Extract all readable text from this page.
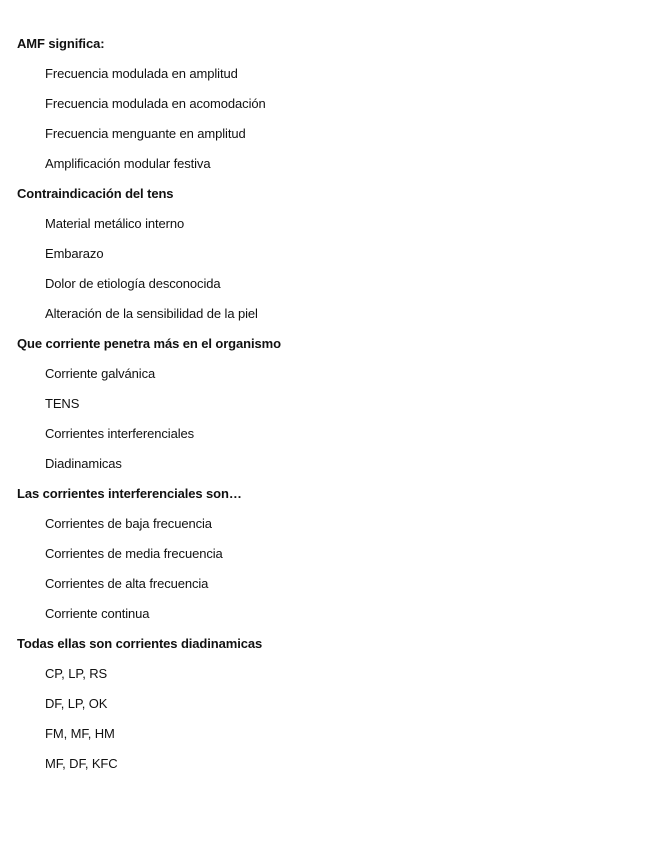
AMF significa:
Frecuencia modulada en amplitud
Frecuencia modulada en acomodación
Frecuencia menguante en amplitud
Amplificación modular festiva
Contraindicación del tens
Material metálico interno
Embarazo
Dolor de etiología desconocida
Alteración de la sensibilidad de la piel
Que corriente penetra más en el organismo
Corriente galvánica
TENS
Corrientes interferenciales
Diadinamicas
Las corrientes interferenciales son…
Corrientes de baja frecuencia
Corrientes de media frecuencia
Corrientes de alta frecuencia
Corriente continua
Todas ellas son corrientes diadinamicas
CP, LP, RS
DF, LP, OK
FM, MF, HM
MF, DF, KFC
